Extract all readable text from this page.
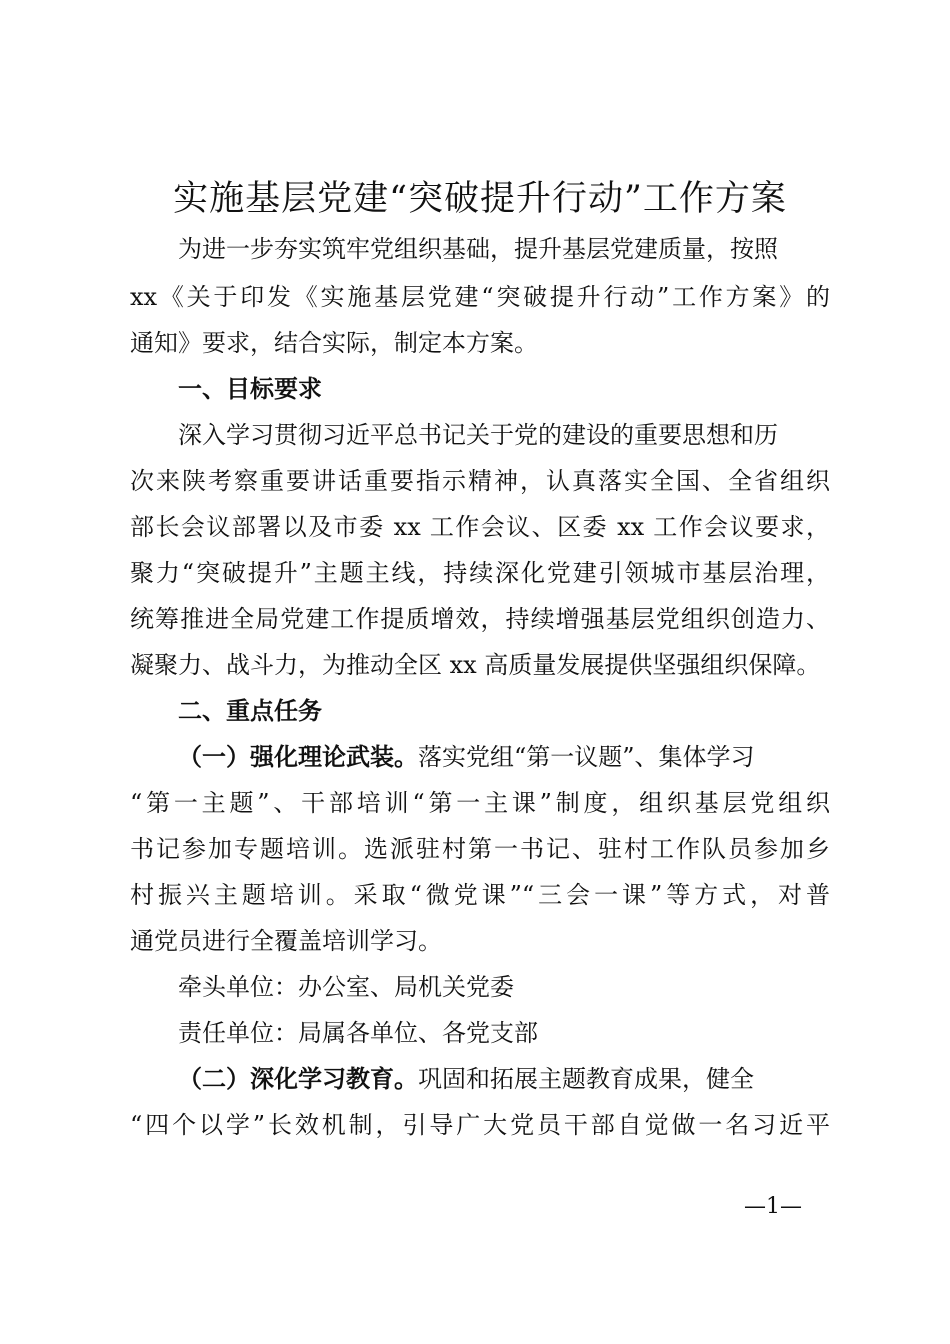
实施基层党建“突破提升行动”工作方案
为进一步夯实筑牢党组织基础，提升基层党建质量，按照
xx《关于印发《实施基层党建“突破提升行动”工作方案》的
通知》要求，结合实际，制定本方案。
一、目标要求
深入学习贯彻习近平总书记关于党的建设的重要思想和历
次来陕考察重要讲话重要指示精神，认真落实全国、全省组织
部长会议部署以及市委 xx 工作会议、区委 xx 工作会议要求，
聚力“突破提升”主题主线，持续深化党建引领城市基层治理，
统筹推进全局党建工作提质增效，持续增强基层党组织创造力、
凝聚力、战斗力，为推动全区 xx 高质量发展提供坚强组织保障。
二、重点任务
（一）强化理论武装。落实党组“第一议题”、集体学习
“第一主题”、干部培训“第一主课”制度，组织基层党组织
书记参加专题培训。选派驻村第一书记、驻村工作队员参加乡
村振兴主题培训。采取“微党课”“三会一课”等方式，对普
通党员进行全覆盖培训学习。
牵头单位：办公室、局机关党委
责任单位：局属各单位、各党支部
（二）深化学习教育。巩固和拓展主题教育成果，健全
“四个以学”长效机制，引导广大党员干部自觉做一名习近平
—1—
